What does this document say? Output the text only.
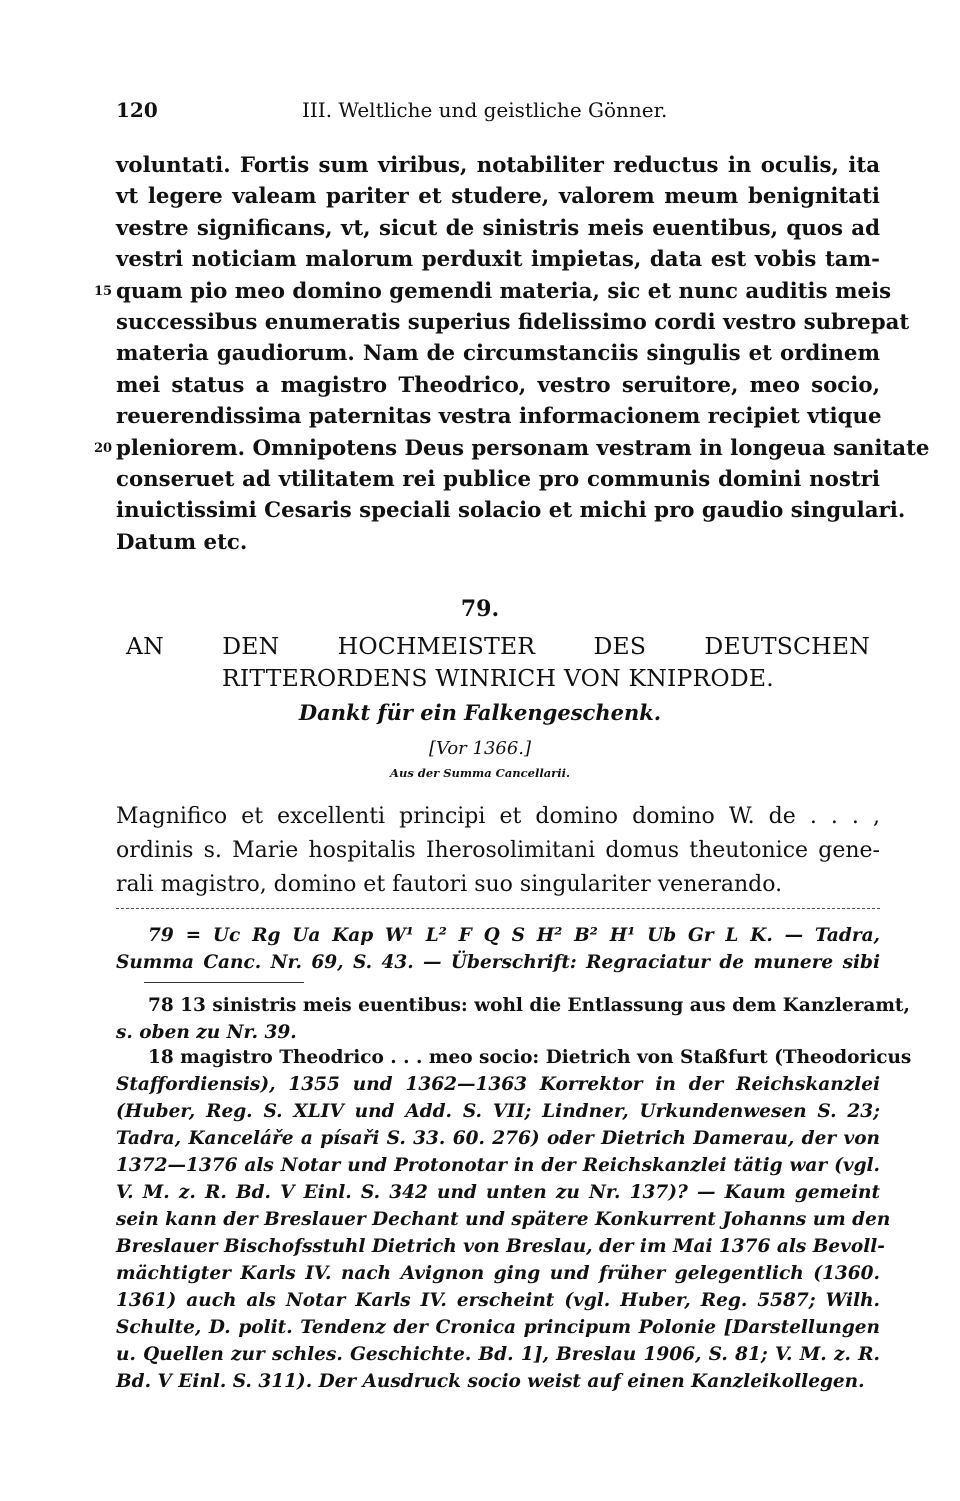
120	III. Weltliche und geistliche Gönner.
voluntati. Fortis sum viribus, notabiliter reductus in oculis, ita
vt legere valeam pariter et studere, valorem meum benignitati
vestre significans, vt, sicut de sinistris meis euentibus, quos ad
vestri noticiam malorum perduxit impietas, data est vobis tam-
15 quam pio meo domino gemendi materia, sic et nunc auditis meis
successibus enumeratis superius fidelissimo cordi vestro subrepat
materia gaudiorum. Nam de circumstanciis singulis et ordinem
mei status a magistro Theodrico, vestro seruitore, meo socio,
reuerendissima paternitas vestra informacionem recipiet vtique
20 pleniorem. Omnipotens Deus personam vestram in longeua sanitate
conseruet ad vtilitatem rei publice pro communis domini nostri
inuictissimi Cesaris speciali solacio et michi pro gaudio singulari.
Datum etc.
79.
AN DEN HOCHMEISTER DES DEUTSCHEN
RITTERORDENS WINRICH VON KNIPRODE.
Dankt für ein Falkengeschenk.
[Vor 1366.]
Aus der Summa Cancellarii.
Magnifico et excellenti principi et domino domino W. de . . . ,
ordinis s. Marie hospitalis Iherosolimitani domus theutonice gene-
rali magistro, domino et fautori suo singulariter venerando.
79 = Uc Rg Ua Kap W¹ L² F Q S H² B² H¹ Ub Gr L K. — Tadra,
Summa Canc. Nr. 69, S. 43. — Überschrift: Regraciatur de munere sibi
78 13 sinistris meis euentibus: wohl die Entlassung aus dem Kanzleramt,
s. oben zu Nr. 39.
18 magistro Theodrico . . . meo socio: Dietrich von Staßfurt (Theodoricus
Staffordiensis), 1355 und 1362—1363 Korrektor in der Reichskanzlei
(Huber, Reg. S. XLIV und Add. S. VII; Lindner, Urkundenwesen S. 23;
Tadra, Kanceláře a písaři S. 33. 60. 276) oder Dietrich Damerau, der von
1372—1376 als Notar und Protonotar in der Reichskanzlei tätig war (vgl.
V. M. z. R. Bd. V Einl. S. 342 und unten zu Nr. 137)? — Kaum gemeint
sein kann der Breslauer Dechant und spätere Konkurrent Johanns um den
Breslauer Bischofsstuhl Dietrich von Breslau, der im Mai 1376 als Bevoll-
mächtigter Karls IV. nach Avignon ging und früher gelegentlich (1360.
1361) auch als Notar Karls IV. erscheint (vgl. Huber, Reg. 5587; Wilh.
Schulte, D. polit. Tendenz der Cronica principum Polonie [Darstellungen
u. Quellen zur schles. Geschichte. Bd. 1], Breslau 1906, S. 81; V. M. z. R.
Bd. V Einl. S. 311). Der Ausdruck socio weist auf einen Kanzleikollegen.
